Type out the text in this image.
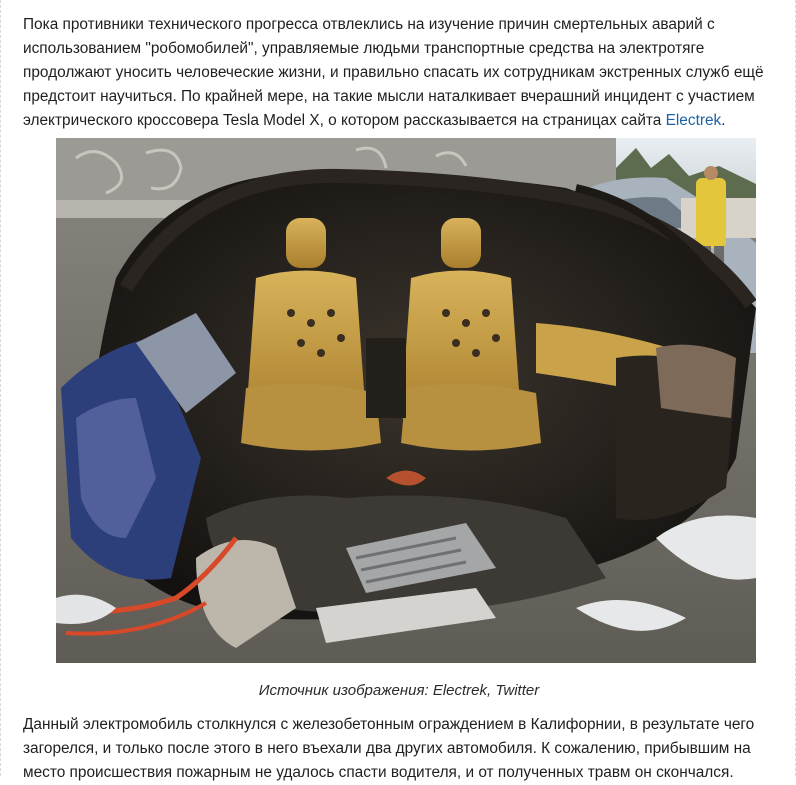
Пока противники технического прогресса отвлеклись на изучение причин смертельных аварий с использованием "робомобилей", управляемые людьми транспортные средства на электротяге продолжают уносить человеческие жизни, и правильно спасать их сотрудникам экстренных служб ещё предстоит научиться. По крайней мере, на такие мысли наталкивает вчерашний инцидент с участием электрического кроссовера Tesla Model X, о котором рассказывается на страницах сайта Electrek.

Источник изображения: Electrek, Twitter

Данный электромобиль столкнулся с железобетонным ограждением в Калифорнии, в результате чего загорелся, и только после этого в него въехали два других автомобиля. К сожалению, прибывшим на место происшествия пожарным не удалось спасти водителя, и от полученных травм он скончался.
